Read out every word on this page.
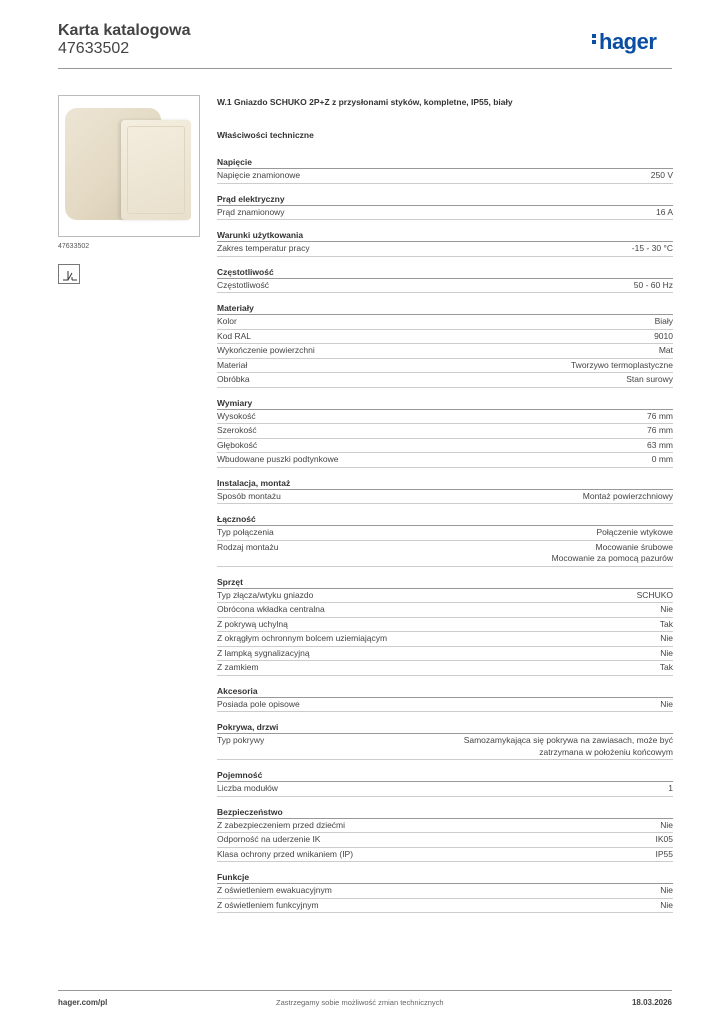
Karta katalogowa
47633502	hager
47633502
W.1 Gniazdo SCHUKO 2P+Z z przysłonami styków, kompletne, IP55, biały
Właściwości techniczne
Napięcie
Napięcie znamionowe	250 V
Prąd elektryczny
Prąd znamionowy	16 A
Warunki użytkowania
Zakres temperatur pracy	-15 - 30 °C
Częstotliwość
Częstotliwość	50 - 60 Hz
Materiały
Kolor	Biały
Kod RAL	9010
Wykończenie powierzchni	Mat
Materiał	Tworzywo termoplastyczne
Obróbka	Stan surowy
Wymiary
Wysokość	76 mm
Szerokość	76 mm
Głębokość	63 mm
Wbudowane puszki podtynkowe	0 mm
Instalacja, montaż
Sposób montażu	Montaż powierzchniowy
Łączność
Typ połączenia	Połączenie wtykowe
Rodzaj montażu	Mocowanie śrubowe
Mocowanie za pomocą pazurów
Sprzęt
Typ złącza/wtyku gniazdo	SCHUKO
Obrócona wkładka centralna	Nie
Z pokrywą uchylną	Tak
Z okrągłym ochronnym bolcem uziemiającym	Nie
Z lampką sygnalizacyjną	Nie
Z zamkiem	Tak
Akcesoria
Posiada pole opisowe	Nie
Pokrywa, drzwi
Typ pokrywy	Samozamykająca się pokrywa na zawiasach, może być
zatrzymana w położeniu końcowym
Pojemność
Liczba modułów	1
Bezpieczeństwo
Z zabezpieczeniem przed dziećmi	Nie
Odporność na uderzenie IK	IK05
Klasa ochrony przed wnikaniem (IP)	IP55
Funkcje
Z oświetleniem ewakuacyjnym	Nie
Z oświetleniem funkcyjnym	Nie
hager.com/pl	Zastrzegamy sobie możliwość zmian technicznych	18.03.2026
